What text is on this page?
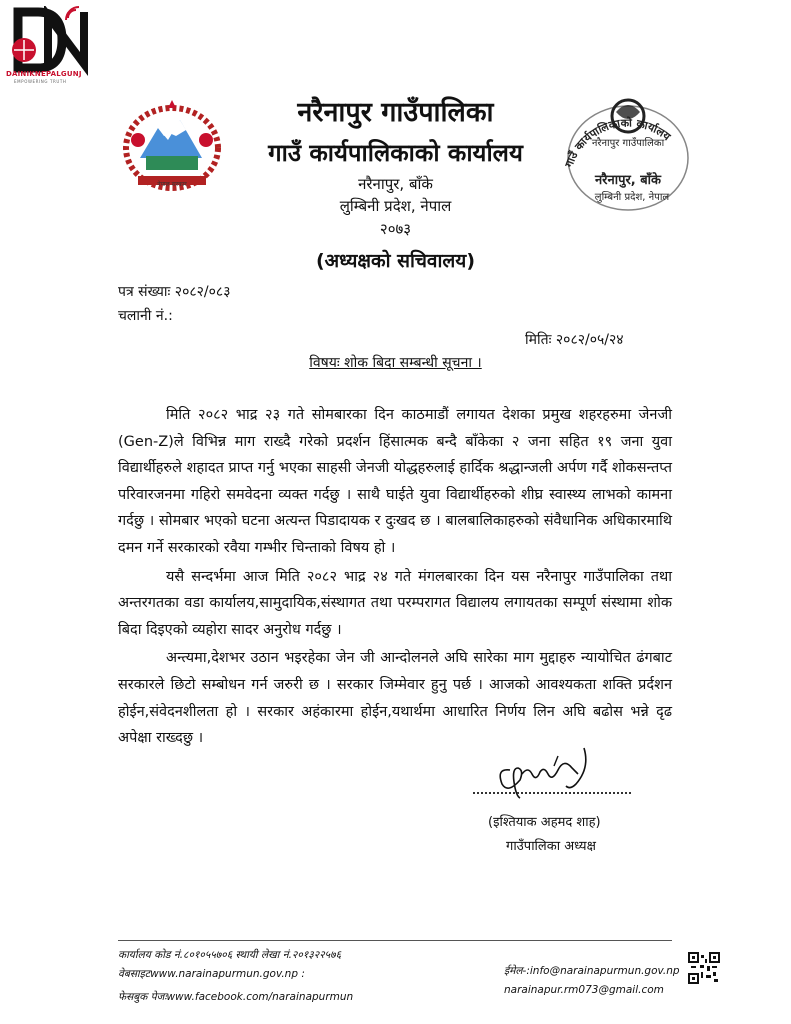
DAINIKNEPALGUNJ
EMPOWERING TRUTH
नेपाल सरकार
नरैनापुर गाउँपालिका
गाउँ कार्यपालिकाको कार्यालय
नरैनापुर, बाँके
लुम्बिनी प्रदेश, नेपाल
२०७३
(अध्यक्षको सचिवालय)
गाउँ कार्यपालिकाको कार्यालय
नरैनापुर गाउँपालिका
नरैनापुर, बाँके
लुम्बिनी प्रदेश, नेपाल
पत्र संख्याः २०८२/०८३
चलानी नं.:
मितिः २०८२/०५/२४
विषयः शोक बिदा सम्बन्धी सूचना ।

मिति २०८२ भाद्र २३ गते सोमबारका दिन काठमाडौं लगायत देशका प्रमुख शहरहरुमा जेनजी (Gen-Z)ले विभिन्न माग राख्दै गरेको प्रदर्शन हिंसात्मक बन्दै बाँकेका २ जना सहित १९ जना युवा विद्यार्थीहरुले शहादत प्राप्त गर्नु भएका साहसी जेनजी योद्धहरुलाई हार्दिक श्रद्धान्जली अर्पण गर्दै शोकसन्तप्त परिवारजनमा गहिरो समवेदना व्यक्त गर्दछु । साथै घाईते युवा विद्यार्थीहरुको शीघ्र स्वास्थ्य लाभको कामना गर्दछु । सोमबार भएको घटना अत्यन्त पिडादायक र दुःखद छ । बालबालिकाहरुको संवैधानिक अधिकारमाथि दमन गर्ने सरकारको रवैया गम्भीर चिन्ताको विषय हो ।

यसै सन्दर्भमा आज मिति २०८२ भाद्र २४ गते मंगलबारका दिन यस नरैनापुर गाउँपालिका तथा अन्तरगतका वडा कार्यालय,सामुदायिक,संस्थागत तथा परम्परागत विद्यालय लगायतका सम्पूर्ण संस्थामा शोक बिदा दिइएको व्यहोरा सादर अनुरोध गर्दछु ।

अन्त्यमा,देशभर उठान भइरहेका जेन जी आन्दोलनले अघि सारेका माग मुद्दाहरु न्यायोचित ढंगबाट सरकारले छिटो सम्बोधन गर्न जरुरी छ । सरकार जिम्मेवार हुनु पर्छ । आजको आवश्यकता शक्ति प्रर्दशन होईन,संवेदनशीलता हो । सरकार अहंकारमा होईन,यथार्थमा आधारित निर्णय लिन अघि बढोस भन्ने दृढ अपेक्षा राख्दछु ।

(इश्तियाक अहमद शाह)
गाउँपालिका अध्यक्ष
कार्यालय कोड नं.८०१०५५७०६ स्थायी लेखा नं.२०१३२२५७६
वेबसाइटwww.narainapurmun.gov.np :
फेसबुक पेजःwww.facebook.com/narainapurmun
ईमेल-:info@narainapurmun.gov.np
narainapur.rm073@gmail.com
